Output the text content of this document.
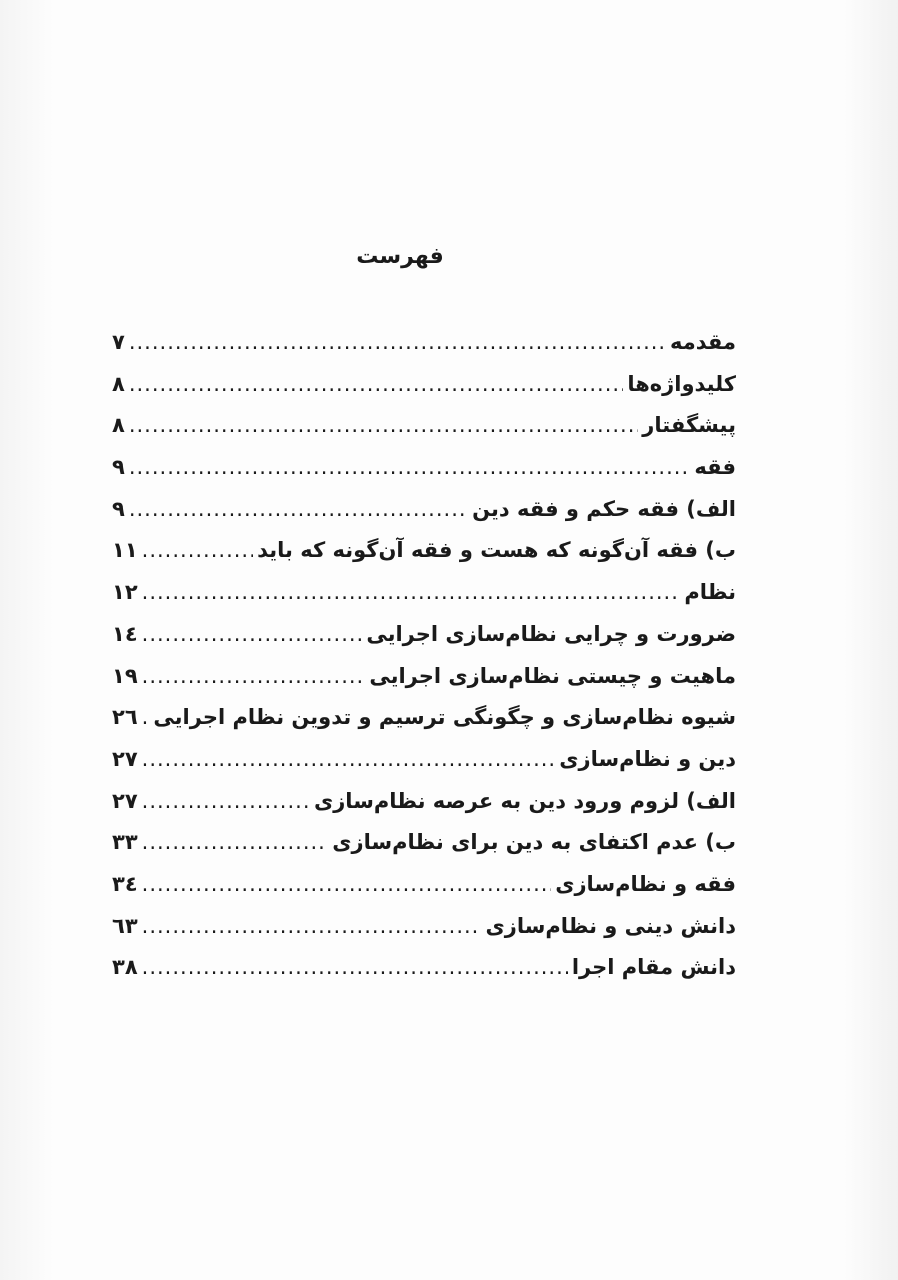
فهرست
مقدمه
.....
٧
کلیدواژه‌ها
.....
٨
پیشگفتار
.....
٨
فقه
.....
٩
الف) فقه حکم و فقه دین
.....
٩
ب) فقه آن‌گونه که هست و فقه آن‌گونه که باید
.....
١١
نظام
.....
١٢
ضرورت و چرایی نظام‌سازی اجرایی
.....
١٤
ماهیت و چیستی نظام‌سازی اجرایی
.....
١٩
شیوه نظام‌سازی و چگونگی ترسیم و تدوین نظام اجرایی
.....
٢٦
دین و نظام‌سازی
.....
٢٧
الف) لزوم ورود دین به عرصه نظام‌سازی
.....
٢٧
ب) عدم اکتفای به دین برای نظام‌سازی
.....
٣٣
فقه و نظام‌سازی
.....
٣٤
دانش دینی و نظام‌سازی
.....
٦٣
دانش مقام اجرا
.....
٣٨
